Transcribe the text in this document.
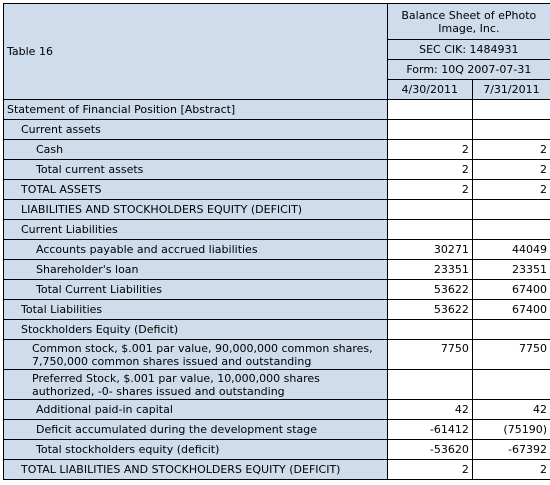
Table 16	Balance Sheet of ePhoto Image, Inc.	
	SEC CIK: 1484931	
	Form: 10Q 2007-07-31	
	4/30/2011	7/31/2011
Statement of Financial Position [Abstract]		
Current assets		
Cash	2	2
Total current assets	2	2
TOTAL ASSETS	2	2
LIABILITIES AND STOCKHOLDERS EQUITY (DEFICIT)		
Current Liabilities		
Accounts payable and accrued liabilities	30271	44049
Shareholder's loan	23351	23351
Total Current Liabilities	53622	67400
Total Liabilities	53622	67400
Stockholders Equity (Deficit)		
Common stock, $.001 par value, 90,000,000 common shares, 7,750,000 common shares issued and outstanding	7750	7750
Preferred Stock, $.001 par value, 10,000,000 shares authorized, -0- shares issued and outstanding		
Additional paid-in capital	42	42
Deficit accumulated during the development stage	-61412	(75190)
Total stockholders equity (deficit)	-53620	-67392
TOTAL LIABILITIES AND STOCKHOLDERS EQUITY (DEFICIT)	2	2
